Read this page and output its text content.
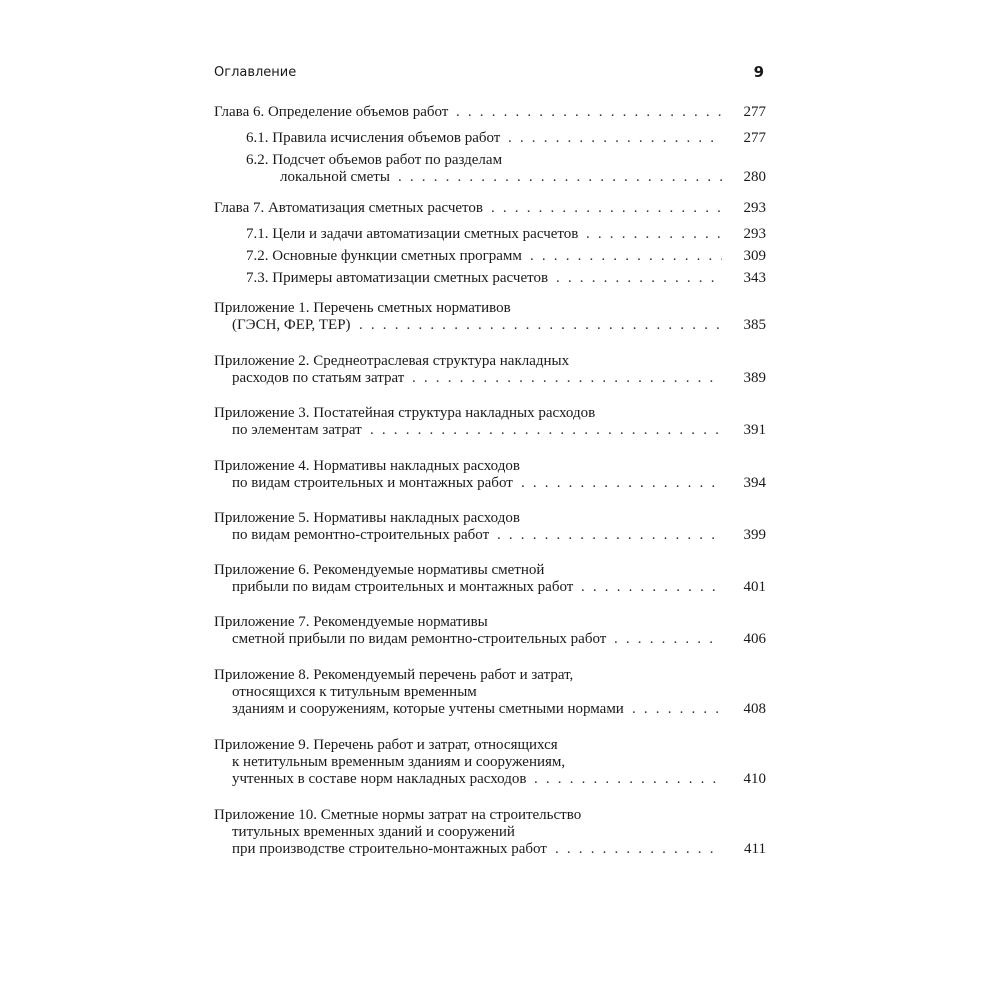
Оглавление	9
. . .
277
Глава 6. Определение объемов работ
. . .
277
6.1. Правила исчисления объемов работ
6.2. Подсчет объемов работ по разделам
. . .
280
локальной сметы
. . .
293
Глава 7. Автоматизация сметных расчетов
. . .
293
7.1. Цели и задачи автоматизации сметных расчетов
. . .
309
7.2. Основные функции сметных программ
. . .
343
7.3. Примеры автоматизации сметных расчетов
Приложение 1. Перечень сметных нормативов
. . .
385
(ГЭСН, ФЕР, ТЕР)
Приложение 2. Среднеотраслевая структура накладных
. . .
389
расходов по статьям затрат
Приложение 3. Постатейная структура накладных расходов
. . .
391
по элементам затрат
Приложение 4. Нормативы накладных расходов
. . .
394
по видам строительных и монтажных работ
Приложение 5. Нормативы накладных расходов
. . .
399
по видам ремонтно-строительных работ
Приложение 6. Рекомендуемые нормативы сметной
. . .
401
прибыли по видам строительных и монтажных работ
Приложение 7. Рекомендуемые нормативы
. . .
406
сметной прибыли по видам ремонтно-строительных работ
Приложение 8. Рекомендуемый перечень работ и затрат,
относящихся к титульным временным
. . .
408
зданиям и сооружениям, которые учтены сметными нормами
Приложение 9. Перечень работ и затрат, относящихся
к нетитульным временным зданиям и сооружениям,
. . .
410
учтенных в составе норм накладных расходов
Приложение 10. Сметные нормы затрат на строительство
титульных временных зданий и сооружений
. . .
411
при производстве строительно-монтажных работ
